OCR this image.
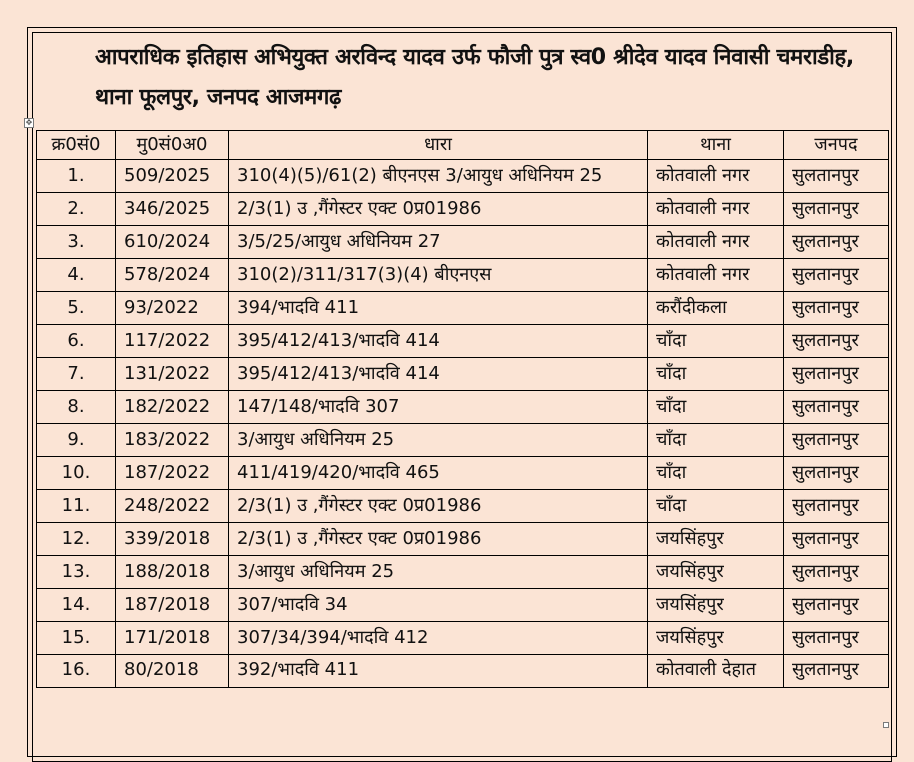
आपराधिक इतिहास अभियुक्त अरविन्द यादव उर्फ फौजी पुत्र स्व0 श्रीदेव यादव निवासी चमराडीह, थाना फूलपुर, जनपद आजमगढ़
✥
क्र0सं0	मु0सं0अ0	धारा	थाना	जनपद
1.	509/2025	310(4)(5)/61(2) बीएनएस 3/आयुध अधिनियम 25	कोतवाली नगर	सुलतानपुर
2.	346/2025	2/3(1) उ ,गैंगेस्टर एक्ट 0प्र01986	कोतवाली नगर	सुलतानपुर
3.	610/2024	3/5/25/आयुध अधिनियम 27	कोतवाली नगर	सुलतानपुर
4.	578/2024	310(2)/311/317(3)(4) बीएनएस	कोतवाली नगर	सुलतानपुर
5.	93/2022	394/भादवि 411	करौंदीकला	सुलतानपुर
6.	117/2022	395/412/413/भादवि 414	चाँदा	सुलतानपुर
7.	131/2022	395/412/413/भादवि 414	चाँदा	सुलतानपुर
8.	182/2022	147/148/भादवि 307	चाँदा	सुलतानपुर
9.	183/2022	3/आयुध अधिनियम 25	चाँदा	सुलतानपुर
10.	187/2022	411/419/420/भादवि 465	चाँदा	सुलतानपुर
11.	248/2022	2/3(1) उ ,गैंगेस्टर एक्ट 0प्र01986	चाँदा	सुलतानपुर
12.	339/2018	2/3(1) उ ,गैंगेस्टर एक्ट 0प्र01986	जयसिंहपुर	सुलतानपुर
13.	188/2018	3/आयुध अधिनियम 25	जयसिंहपुर	सुलतानपुर
14.	187/2018	307/भादवि 34	जयसिंहपुर	सुलतानपुर
15.	171/2018	307/34/394/भादवि 412	जयसिंहपुर	सुलतानपुर
16.	80/2018	392/भादवि 411	कोतवाली देहात	सुलतानपुर
